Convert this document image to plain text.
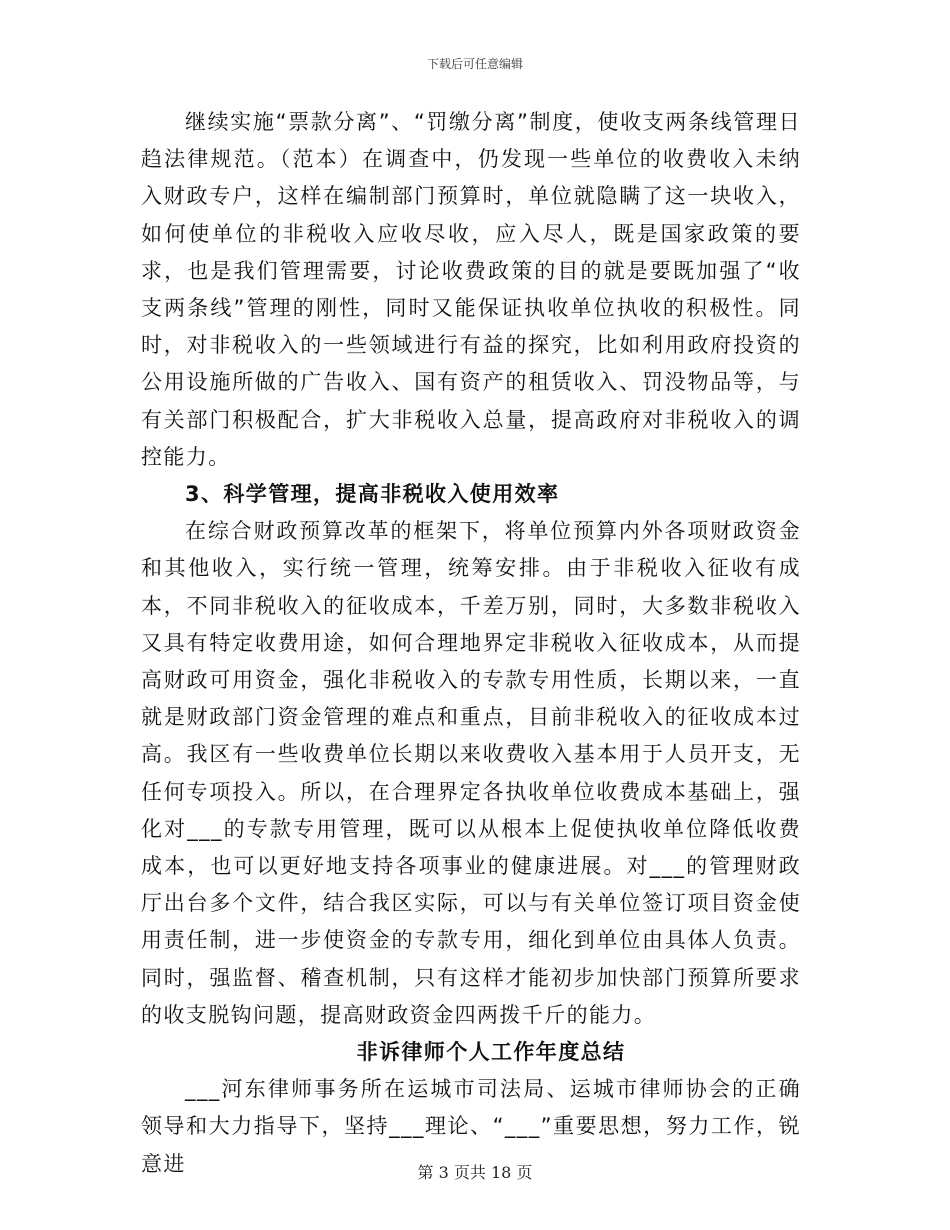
下载后可任意编辑

继续实施“票款分离”、“罚缴分离”制度，使收支两条线管理日趋法律规范。（范本）在调查中，仍发现一些单位的收费收入未纳入财政专户，这样在编制部门预算时，单位就隐瞒了这一块收入，如何使单位的非税收入应收尽收，应入尽人，既是国家政策的要求，也是我们管理需要，讨论收费政策的目的就是要既加强了“收支两条线”管理的刚性，同时又能保证执收单位执收的积极性。同时，对非税收入的一些领域进行有益的探究，比如利用政府投资的公用设施所做的广告收入、国有资产的租赁收入、罚没物品等，与有关部门积极配合，扩大非税收入总量，提高政府对非税收入的调控能力。

3、科学管理，提高非税收入使用效率

在综合财政预算改革的框架下，将单位预算内外各项财政资金和其他收入，实行统一管理，统筹安排。由于非税收入征收有成本，不同非税收入的征收成本，千差万别，同时，大多数非税收入又具有特定收费用途，如何合理地界定非税收入征收成本，从而提高财政可用资金，强化非税收入的专款专用性质，长期以来，一直就是财政部门资金管理的难点和重点，目前非税收入的征收成本过高。我区有一些收费单位长期以来收费收入基本用于人员开支，无任何专项投入。所以，在合理界定各执收单位收费成本基础上，强化对___的专款专用管理，既可以从根本上促使执收单位降低收费成本，也可以更好地支持各项事业的健康进展。对___的管理财政厅出台多个文件，结合我区实际，可以与有关单位签订项目资金使用责任制，进一步使资金的专款专用，细化到单位由具体人负责。同时，强监督、稽查机制，只有这样才能初步加快部门预算所要求的收支脱钩问题，提高财政资金四两拨千斤的能力。

非诉律师个人工作年度总结

___河东律师事务所在运城市司法局、运城市律师协会的正确领导和大力指导下，坚持___理论、“___”重要思想，努力工作，锐意进	第 3 页共 18 页
